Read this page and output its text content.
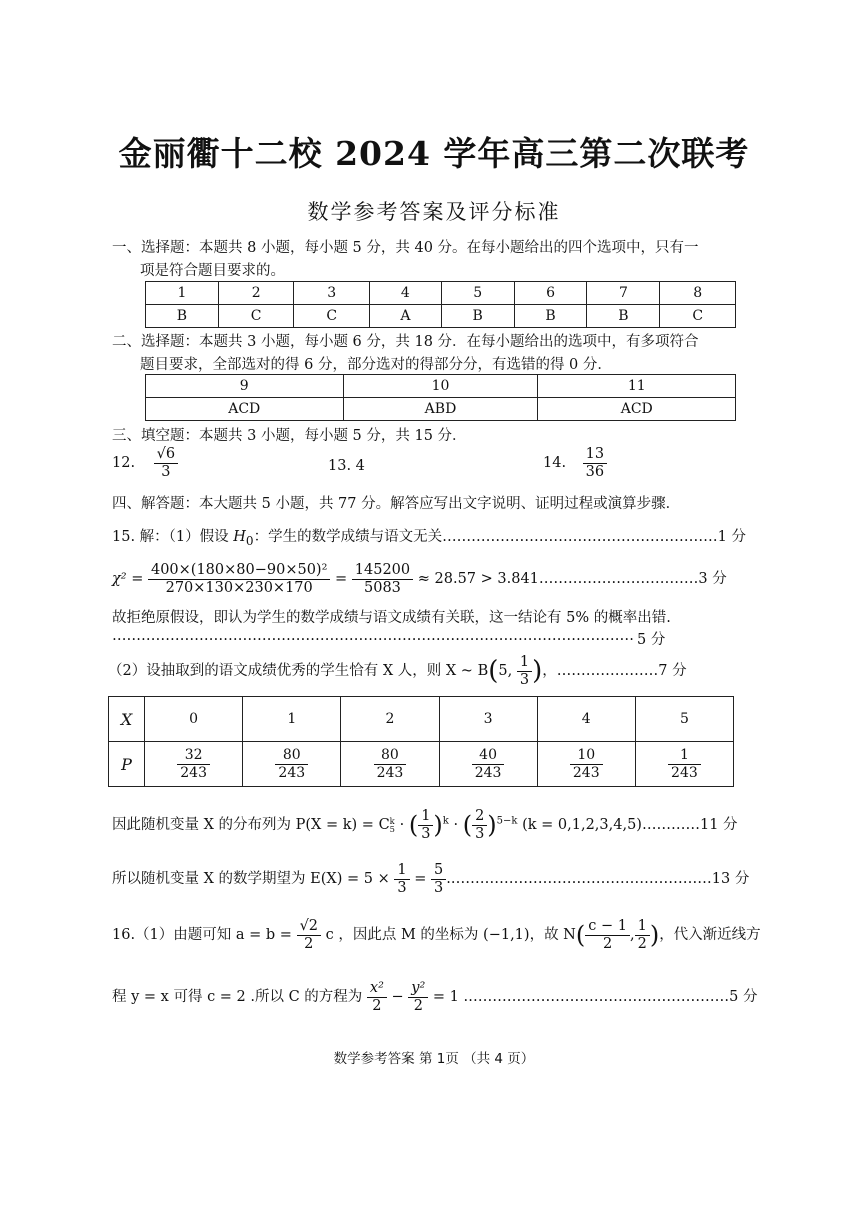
金丽衢十二校 2024 学年高三第二次联考
数学参考答案及评分标准
一、选择题：本题共 8 小题，每小题 5 分，共 40 分。在每小题给出的四个选项中，只有一
项是符合题目要求的。
1	2	3	4	5	6	7	8
B	C	C	A	B	B	B	C
二、选择题：本题共 3 小题，每小题 6 分，共 18 分．在每小题给出的选项中，有多项符合
题目要求，全部选对的得 6 分，部分选对的得部分分，有选错的得 0 分．
9	10	11
ACD	ABD	ACD
三、填空题：本题共 3 小题，每小题 5 分，共 15 分．
12. $\frac{√6}{3}$	13. 4	14. $\frac{13}{36}$
四、解答题：本大题共 5 小题，共 77 分。解答应写出文字说明、证明过程或演算步骤．
15. 解：（1）假设 $H_0$：学生的数学成绩与语文无关…………………………………………………1 分
$\chi^2 = \frac{\text{400×(180×80−90×50)²}}{270\times 130\times 230\times 170} = \frac{145200}{5083} \approx 28.57$ > 3.841……………………………3 分
故拒绝原假设，即认为学生的数学成绩与语文成绩有关联，这一结论有 5% 的概率出错.
……………………………………………………………………………………………… 5 分
（2）设抽取到的语文成绩优秀的学生恰有 X 人，则 X ~ B(5, $\frac{1}{3}$ )，…………………7 分
X	0	1	2	3	4	5
P	$\frac{32}{243}$	$\frac{80}{243}$	$\frac{80}{243}$	$\frac{40}{243}$	$\frac{10}{243}$	$\frac{1}{243}$
因此随机变量 X 的分布列为 P(X = k) = C k
5 · ( $\frac{1}{3} )^k$ · ( $\frac{2}{3} )^{5-k}$ (k = 0,1,2,3,4,5)…………11 分
所以随机变量 X 的数学期望为 $E(X) = 5 \times \frac{1}{3} = \frac{5}{3}$ .………………………………………………13 分
16.（1）由题可知 $a = b = \frac{√2}{2}$ c ，因此点 M 的坐标为 (−1,1)，故 $N( \frac{c - 1}{2}$ , $\frac{1}{2}$ )，代入渐近线方
程 y = x 可得 c = 2 .所以 C 的方程为 $\frac{\text{x²}}{2} - \frac{\text{y²}}{2} = 1$ .………………………………………………5 分
数学参考答案 第 1页 （共 4 页）
